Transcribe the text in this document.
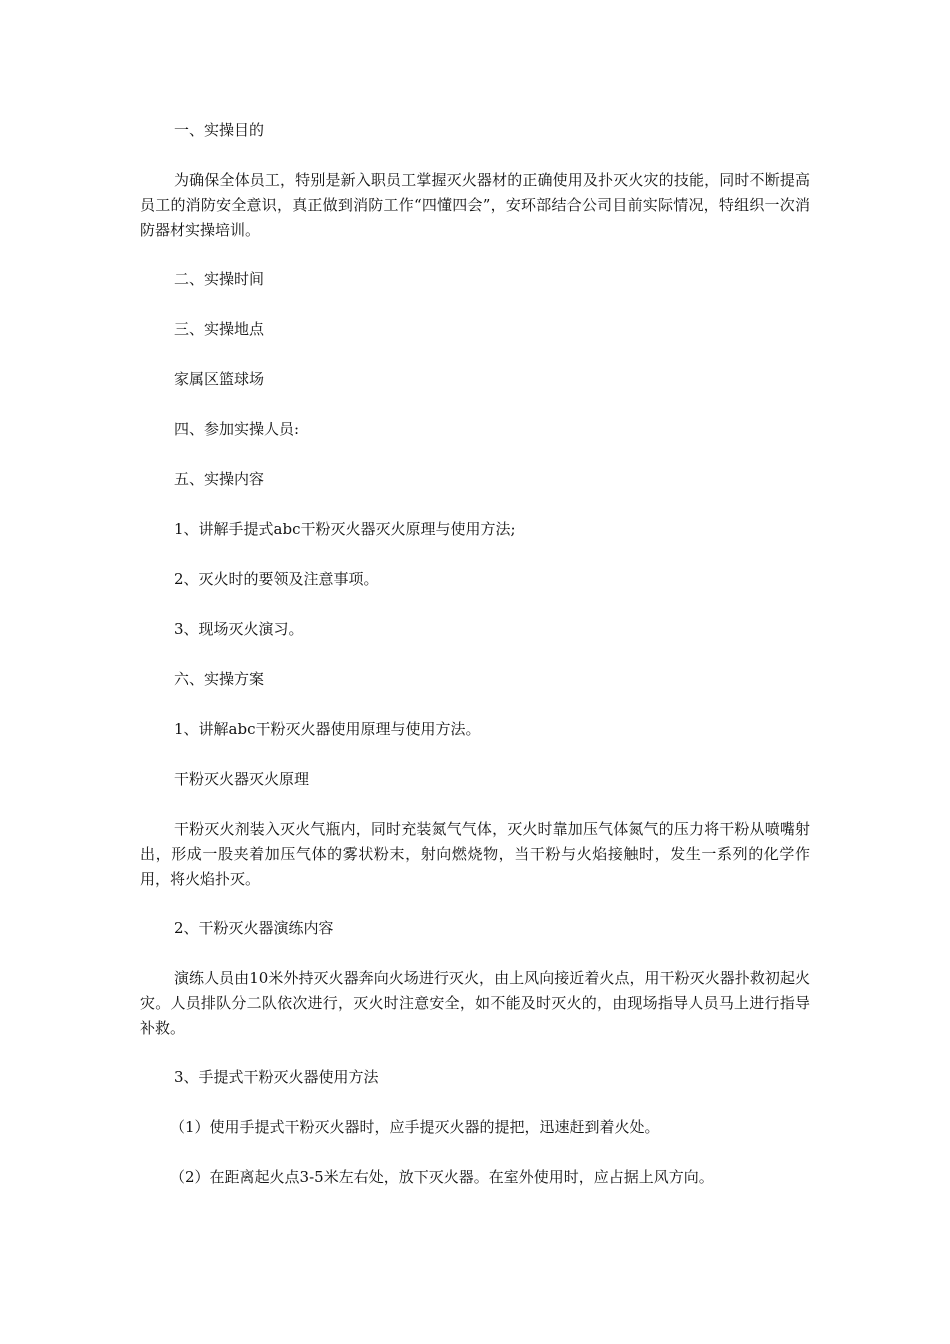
一、实操目的

为确保全体员工，特别是新入职员工掌握灭火器材的正确使用及扑灭火灾的技能，同时不断提高员工的消防安全意识，真正做到消防工作“四懂四会”，安环部结合公司目前实际情况，特组织一次消防器材实操培训。

二、实操时间

三、实操地点

家属区篮球场

四、参加实操人员:

五、实操内容

1、讲解手提式abc干粉灭火器灭火原理与使用方法;

2、灭火时的要领及注意事项。

3、现场灭火演习。

六、实操方案

1、讲解abc干粉灭火器使用原理与使用方法。

干粉灭火器灭火原理

干粉灭火剂装入灭火气瓶内，同时充装氮气气体，灭火时靠加压气体氮气的压力将干粉从喷嘴射出，形成一股夹着加压气体的雾状粉末，射向燃烧物，当干粉与火焰接触时，发生一系列的化学作用，将火焰扑灭。

2、干粉灭火器演练内容

演练人员由10米外持灭火器奔向火场进行灭火，由上风向接近着火点，用干粉灭火器扑救初起火灾。人员排队分二队依次进行，灭火时注意安全，如不能及时灭火的，由现场指导人员马上进行指导补救。

3、手提式干粉灭火器使用方法

（1）使用手提式干粉灭火器时，应手提灭火器的提把，迅速赶到着火处。

（2）在距离起火点3-5米左右处，放下灭火器。在室外使用时，应占据上风方向。
